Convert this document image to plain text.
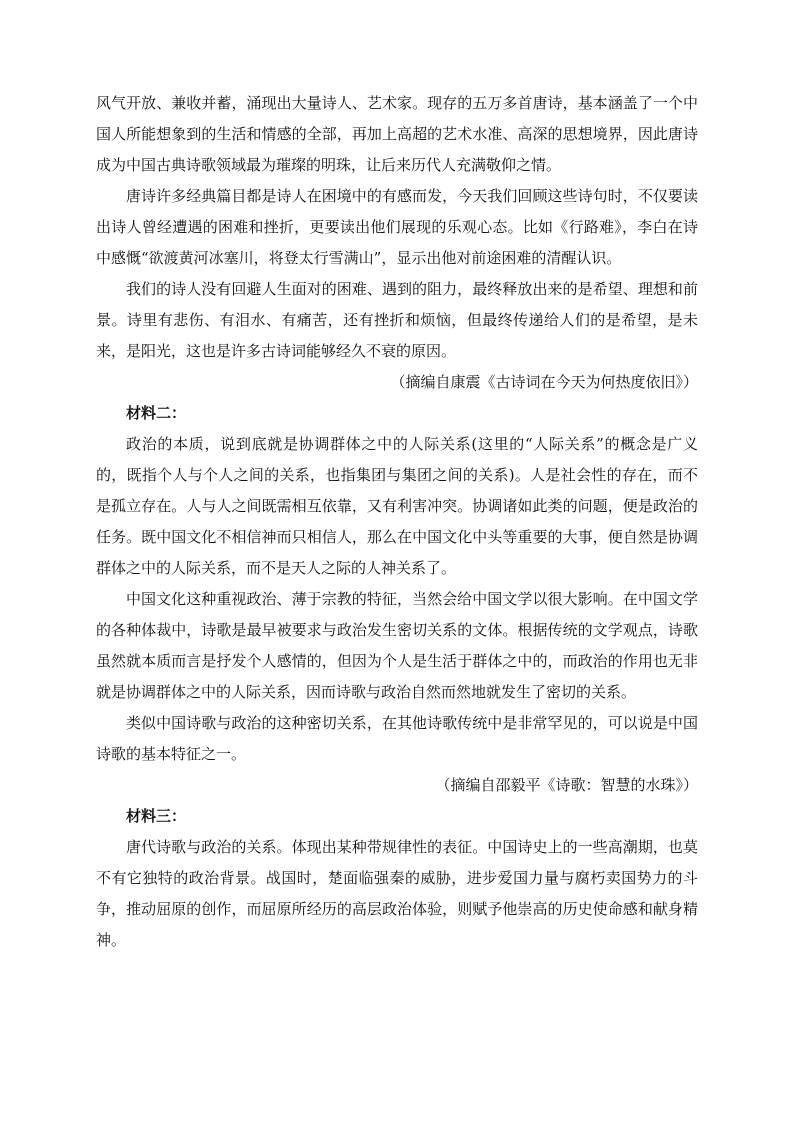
风气开放、兼收并蓄，涌现出大量诗人、艺术家。现存的五万多首唐诗，基本涵盖了一个中国人所能想象到的生活和情感的全部，再加上高超的艺术水准、高深的思想境界，因此唐诗成为中国古典诗歌领域最为璀璨的明珠，让后来历代人充满敬仰之情。

唐诗许多经典篇目都是诗人在困境中的有感而发，今天我们回顾这些诗句时，不仅要读出诗人曾经遭遇的困难和挫折，更要读出他们展现的乐观心态。比如《行路难》，李白在诗中感慨“欲渡黄河冰塞川，将登太行雪满山”，显示出他对前途困难的清醒认识。

我们的诗人没有回避人生面对的困难、遇到的阻力，最终释放出来的是希望、理想和前景。诗里有悲伤、有泪水、有痛苦，还有挫折和烦恼，但最终传递给人们的是希望，是未来，是阳光，这也是许多古诗词能够经久不衰的原因。

（摘编自康震《古诗词在今天为何热度依旧》）

材料二：

政治的本质，说到底就是协调群体之中的人际关系(这里的“人际关系”的概念是广义的，既指个人与个人之间的关系，也指集团与集团之间的关系)。人是社会性的存在，而不是孤立存在。人与人之间既需相互依靠，又有利害冲突。协调诸如此类的问题，便是政治的任务。既中国文化不相信神而只相信人，那么在中国文化中头等重要的大事，便自然是协调群体之中的人际关系，而不是天人之际的人神关系了。

中国文化这种重视政治、薄于宗教的特征，当然会给中国文学以很大影响。在中国文学的各种体裁中，诗歌是最早被要求与政治发生密切关系的文体。根据传统的文学观点，诗歌虽然就本质而言是抒发个人感情的，但因为个人是生活于群体之中的，而政治的作用也无非就是协调群体之中的人际关系，因而诗歌与政治自然而然地就发生了密切的关系。

类似中国诗歌与政治的这种密切关系，在其他诗歌传统中是非常罕见的，可以说是中国诗歌的基本特征之一。

（摘编自邵毅平《诗歌：智慧的水珠》）

材料三：

唐代诗歌与政治的关系。体现出某种带规律性的表征。中国诗史上的一些高潮期，也莫不有它独特的政治背景。战国时，楚面临强秦的威胁，进步爱国力量与腐朽卖国势力的斗争，推动屈原的创作，而屈原所经历的高层政治体验，则赋予他崇高的历史使命感和献身精神。
